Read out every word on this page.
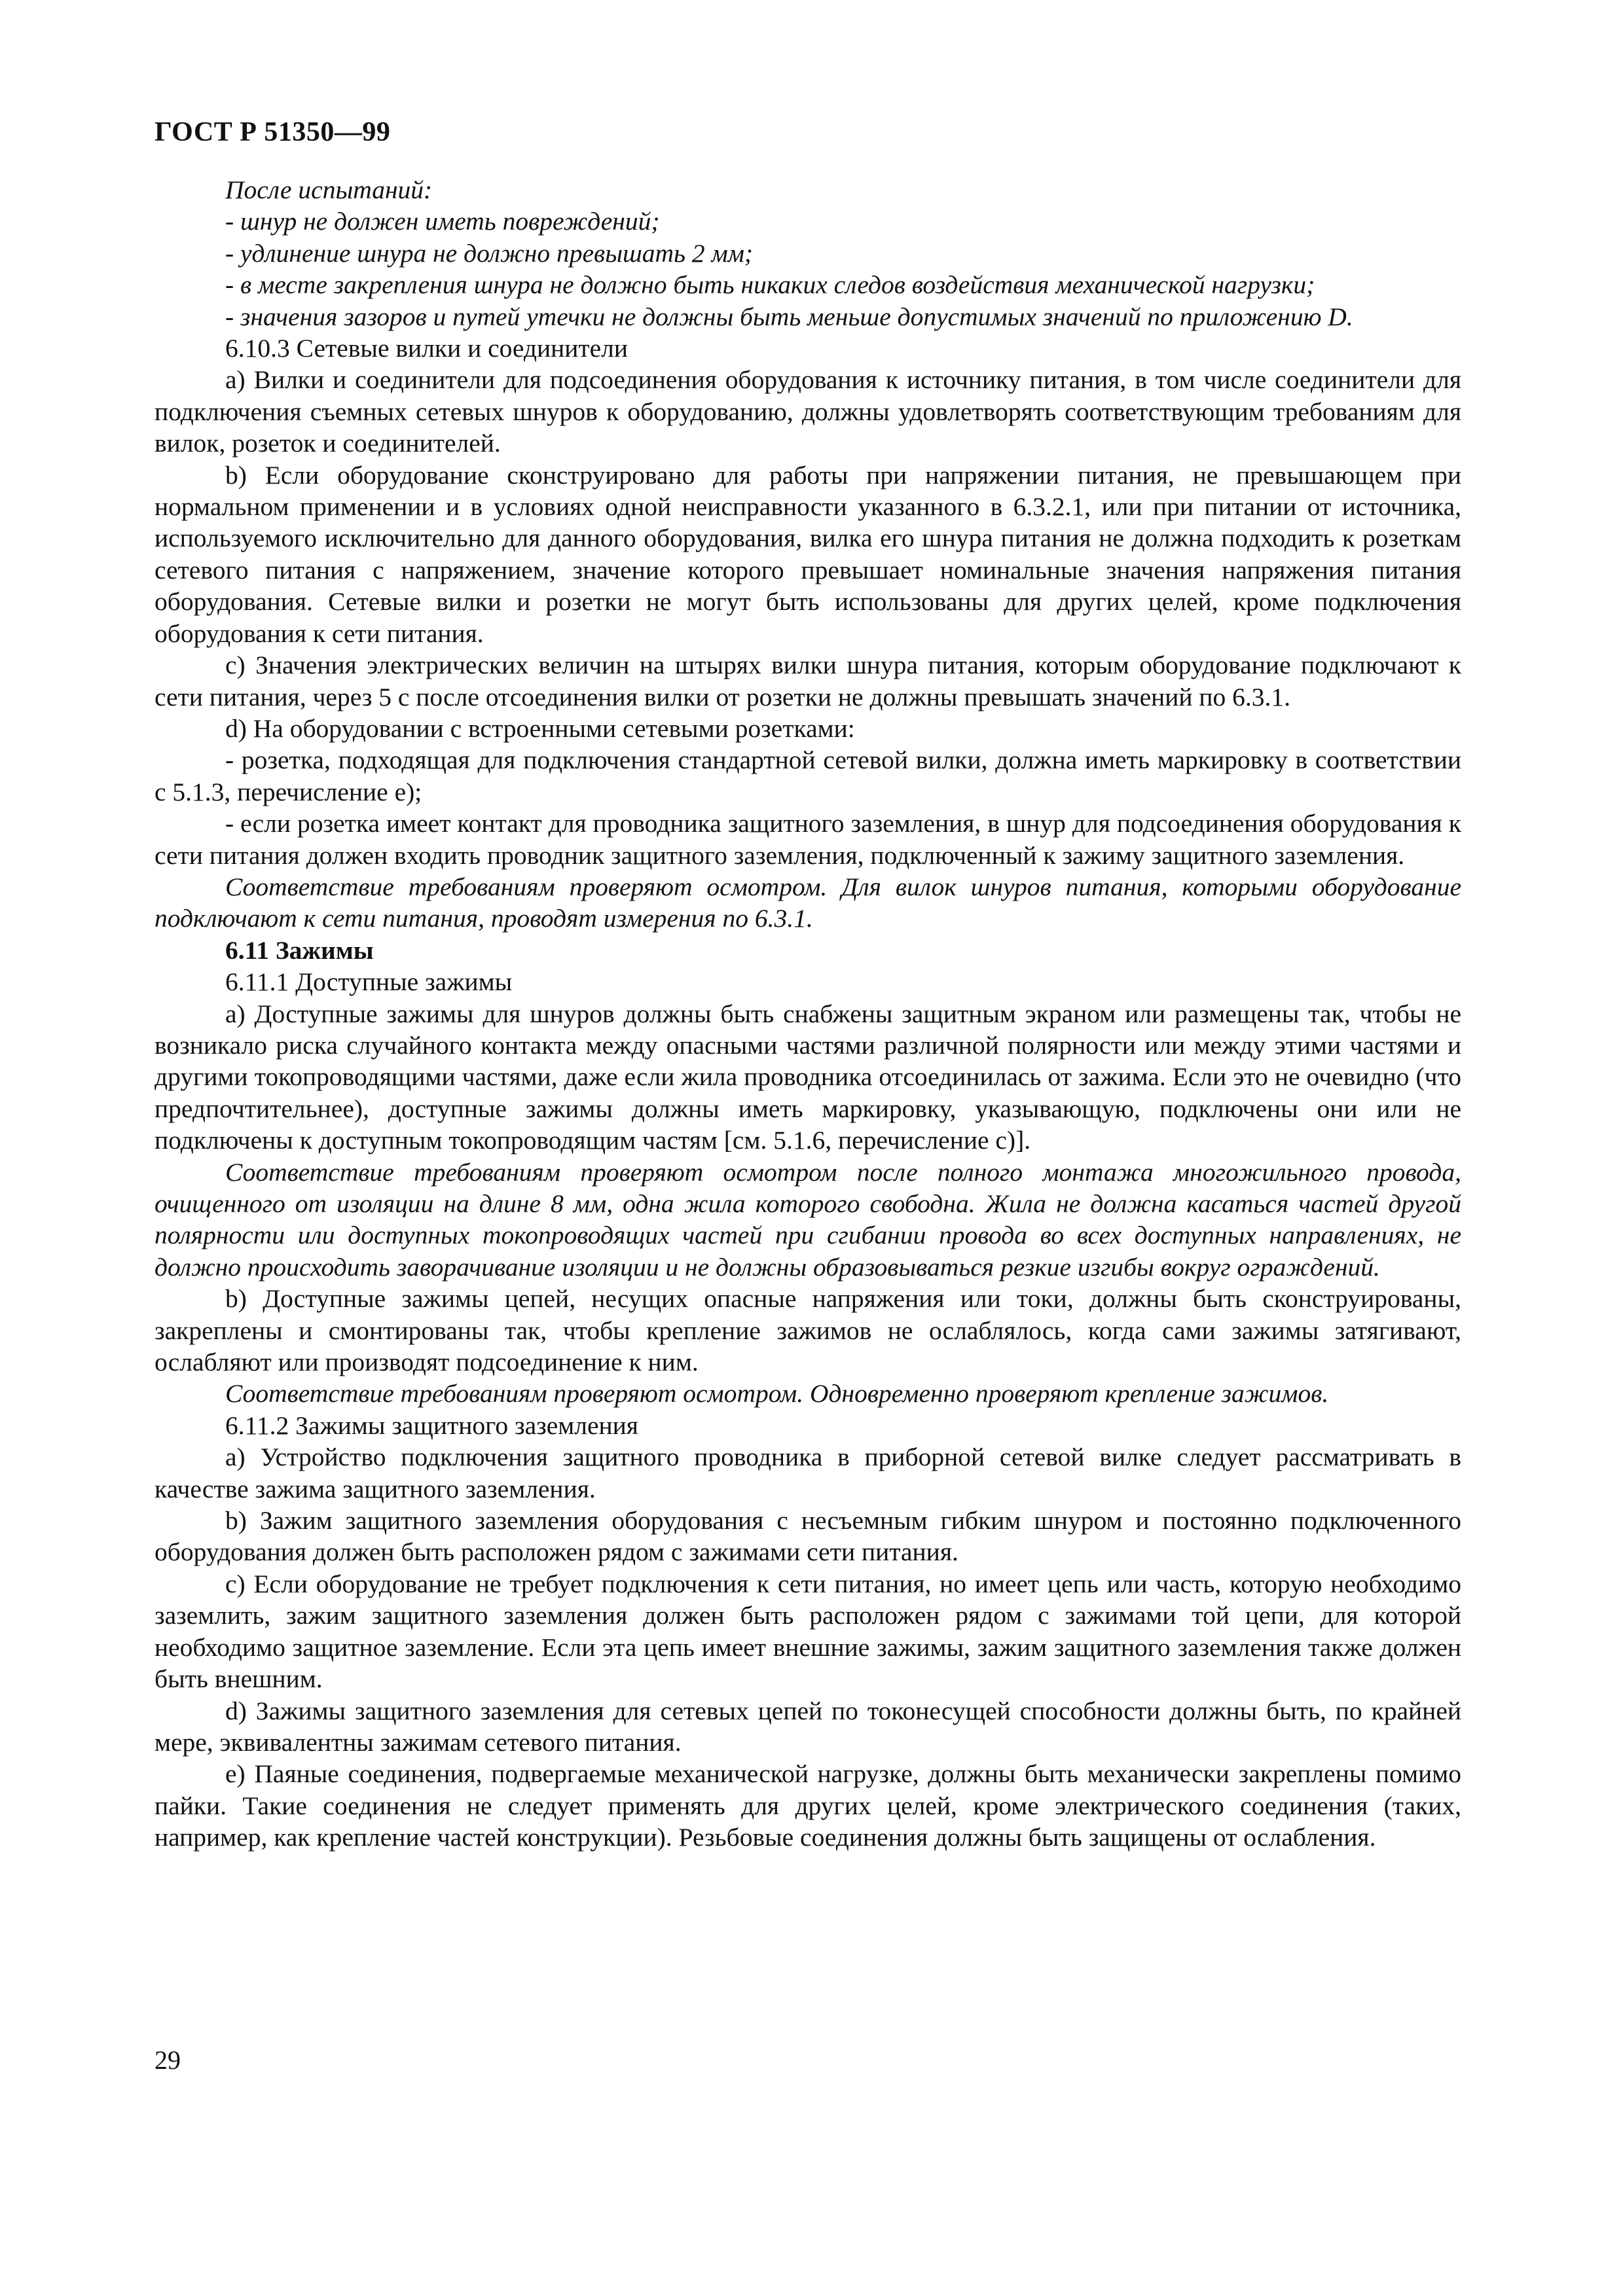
ГОСТ Р 51350—99

После испытаний:

- шнур не должен иметь повреждений;

- удлинение шнура не должно превышать 2 мм;

- в месте закрепления шнура не должно быть никаких следов воздействия механической нагрузки;

- значения зазоров и путей утечки не должны быть меньше допустимых значений по приложению D.

6.10.3 Сетевые вилки и соединители

a) Вилки и соединители для подсоединения оборудования к источнику питания, в том числе соединители для подключения съемных сетевых шнуров к оборудованию, должны удовлетворять соответствующим требованиям для вилок, розеток и соединителей.

b) Если оборудование сконструировано для работы при напряжении питания, не превышающем при нормальном применении и в условиях одной неисправности указанного в 6.3.2.1, или при питании от источника, используемого исключительно для данного оборудования, вилка его шнура питания не должна подходить к розеткам сетевого питания с напряжением, значение которого превышает номинальные значения напряжения питания оборудования. Сетевые вилки и розетки не могут быть использованы для других целей, кроме подключения оборудования к сети питания.

c) Значения электрических величин на штырях вилки шнура питания, которым оборудование подключают к сети питания, через 5 с после отсоединения вилки от розетки не должны превышать значений по 6.3.1.

d) На оборудовании с встроенными сетевыми розетками:

- розетка, подходящая для подключения стандартной сетевой вилки, должна иметь маркировку в соответствии с 5.1.3, перечисление e);

- если розетка имеет контакт для проводника защитного заземления, в шнур для подсоединения оборудования к сети питания должен входить проводник защитного заземления, подключенный к зажиму защитного заземления.

Соответствие требованиям проверяют осмотром. Для вилок шнуров питания, которыми оборудование подключают к сети питания, проводят измерения по 6.3.1.

6.11 Зажимы

6.11.1 Доступные зажимы

a) Доступные зажимы для шнуров должны быть снабжены защитным экраном или размещены так, чтобы не возникало риска случайного контакта между опасными частями различной полярности или между этими частями и другими токопроводящими частями, даже если жила проводника отсоединилась от зажима. Если это не очевидно (что предпочтительнее), доступные зажимы должны иметь маркировку, указывающую, подключены они или не подключены к доступным токопроводящим частям [см. 5.1.6, перечисление c)].

Соответствие требованиям проверяют осмотром после полного монтажа многожильного провода, очищенного от изоляции на длине 8 мм, одна жила которого свободна. Жила не должна касаться частей другой полярности или доступных токопроводящих частей при сгибании провода во всех доступных направлениях, не должно происходить заворачивание изоляции и не должны образовываться резкие изгибы вокруг ограждений.

b) Доступные зажимы цепей, несущих опасные напряжения или токи, должны быть сконструированы, закреплены и смонтированы так, чтобы крепление зажимов не ослаблялось, когда сами зажимы затягивают, ослабляют или производят подсоединение к ним.

Соответствие требованиям проверяют осмотром. Одновременно проверяют крепление зажимов.

6.11.2 Зажимы защитного заземления

a) Устройство подключения защитного проводника в приборной сетевой вилке следует рассматривать в качестве зажима защитного заземления.

b) Зажим защитного заземления оборудования с несъемным гибким шнуром и постоянно подключенного оборудования должен быть расположен рядом с зажимами сети питания.

c) Если оборудование не требует подключения к сети питания, но имеет цепь или часть, которую необходимо заземлить, зажим защитного заземления должен быть расположен рядом с зажимами той цепи, для которой необходимо защитное заземление. Если эта цепь имеет внешние зажимы, зажим защитного заземления также должен быть внешним.

d) Зажимы защитного заземления для сетевых цепей по токонесущей способности должны быть, по крайней мере, эквивалентны зажимам сетевого питания.

e) Паяные соединения, подвергаемые механической нагрузке, должны быть механически закреплены помимо пайки. Такие соединения не следует применять для других целей, кроме электрического соединения (таких, например, как крепление частей конструкции). Резьбовые соединения должны быть защищены от ослабления.

29
